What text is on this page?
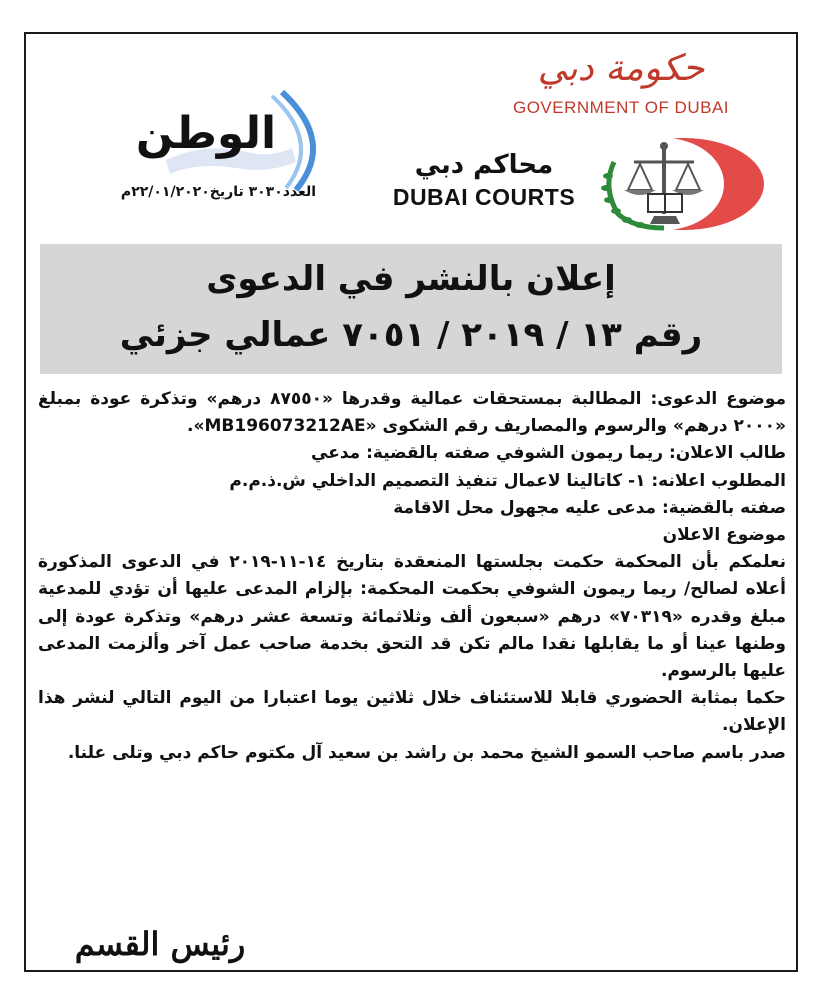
حكومة دبي
GOVERNMENT OF DUBAI
محاكم دبي
DUBAI COURTS
الوطن
العدد٣٠٣٠ تاريخ٢٢/٠١/٢٠٢٠م
إعلان بالنشر في الدعوى
رقم ١٣ / ٢٠١٩ / ٧٠٥١ عمالي جزئي

موضوع الدعوى: المطالبة بمستحقات عمالية وقدرها «٨٧٥٥٠ درهم» وتذكرة عودة بمبلغ «٢٠٠٠ درهم» والرسوم والمصاريف رقم الشكوى «MB196073212AE».

طالب الاعلان: ريما ريمون الشوفي صفته بالقضية: مدعي

المطلوب اعلانه: ١- كاتالينا لاعمال تنفيذ التصميم الداخلي ش.ذ.م.م

صفته بالقضية: مدعى عليه مجهول محل الاقامة

موضوع الاعلان

نعلمكم بأن المحكمة حكمت بجلستها المنعقدة بتاريخ ١٤-١١-٢٠١٩ في الدعوى المذكورة أعلاه لصالح/ ريما ريمون الشوفي بحكمت المحكمة: بإلزام المدعى عليها أن تؤدي للمدعية مبلغ وقدره «٧٠٣١٩» درهم «سبعون ألف وثلاثمائة وتسعة عشر درهم» وتذكرة عودة إلى وطنها عينا أو ما يقابلها نقدا مالم تكن قد التحق بخدمة صاحب عمل آخر وألزمت المدعى عليها بالرسوم.

حكما بمثابة الحضوري قابلا للاستئناف خلال ثلاثين يوما اعتبارا من اليوم التالي لنشر هذا الإعلان.

صدر باسم صاحب السمو الشيخ محمد بن راشد بن سعيد آل مكتوم حاكم دبي وتلى علنا.

رئيس القسم
